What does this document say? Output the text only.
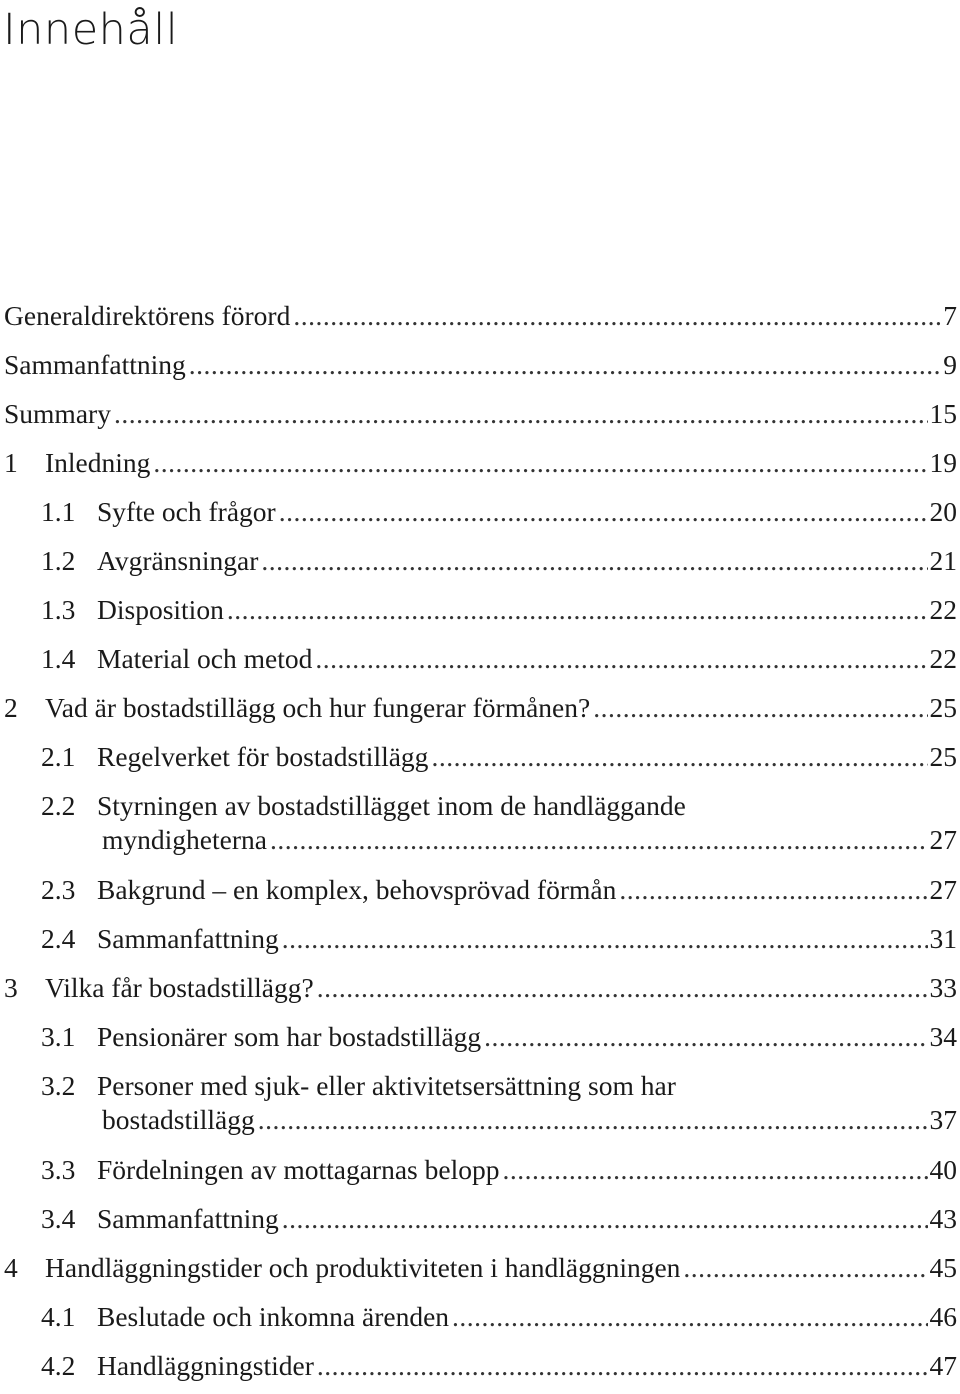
Innehåll
Generaldirektörens förord .....	7
Sammanfattning .....	9
Summary .....	15
1 Inledning .....	19
1.1 Syfte och frågor .....	20
1.2 Avgränsningar .....	21
1.3 Disposition .....	22
1.4 Material och metod .....	22
2 Vad är bostadstillägg och hur fungerar förmånen? .....	25
2.1 Regelverket för bostadstillägg .....	25
2.2 Styrningen av bostadstillägget inom de handläggande
myndigheterna .....	27
2.3 Bakgrund – en komplex, behovsprövad förmån .....	27
2.4 Sammanfattning .....	31
3 Vilka får bostadstillägg? .....	33
3.1 Pensionärer som har bostadstillägg .....	34
3.2 Personer med sjuk- eller aktivitetsersättning som har
bostadstillägg .....	37
3.3 Fördelningen av mottagarnas belopp .....	40
3.4 Sammanfattning .....	43
4 Handläggningstider och produktiviteten i handläggningen .....	45
4.1 Beslutade och inkomna ärenden .....	46
4.2 Handläggningstider .....	47
